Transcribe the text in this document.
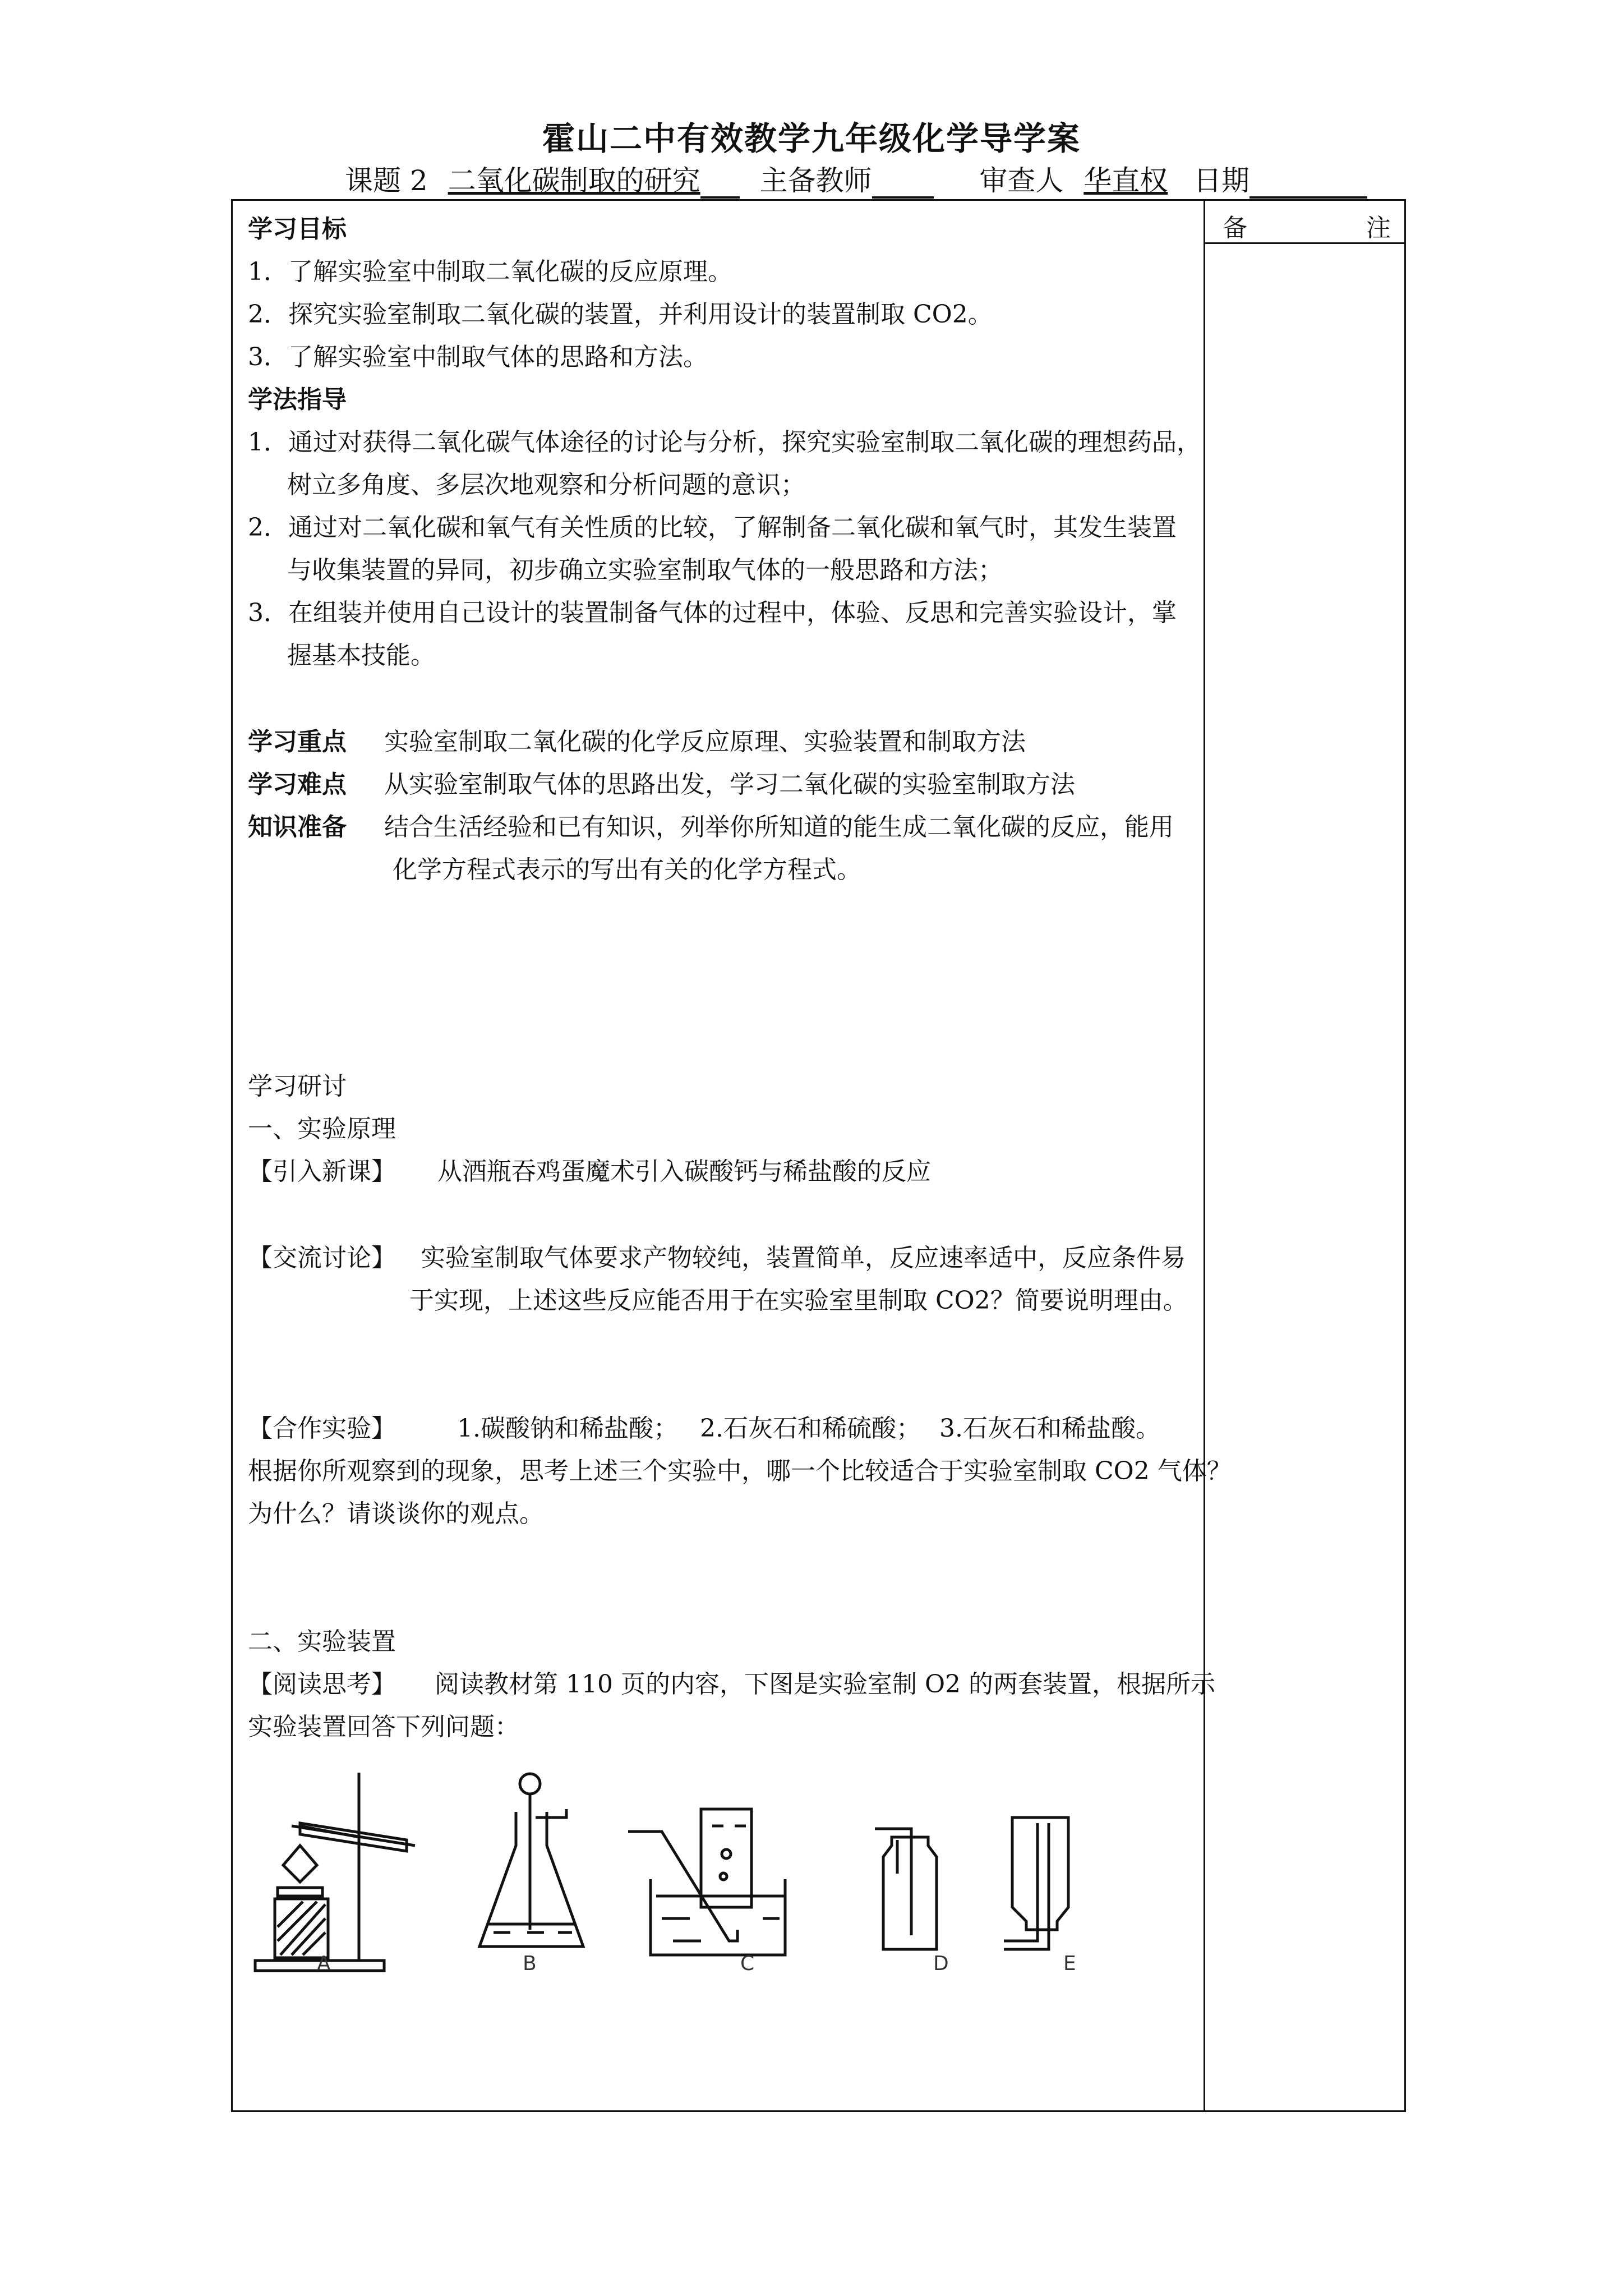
霍山二中有效教学九年级化学导学案
课题 2 二氧化碳制取的研究 主备教师	审查人 华直权 日期
备	注
学习目标
1．了解实验室中制取二氧化碳的反应原理。
2．探究实验室制取二氧化碳的装置，并利用设计的装置制取 CO2。
3．了解实验室中制取气体的思路和方法。
学法指导
1．通过对获得二氧化碳气体途径的讨论与分析，探究实验室制取二氧化碳的理想药品，
树立多角度、多层次地观察和分析问题的意识；
2．通过对二氧化碳和氧气有关性质的比较，了解制备二氧化碳和氧气时，其发生装置
与收集装置的异同，初步确立实验室制取气体的一般思路和方法；
3．在组装并使用自己设计的装置制备气体的过程中，体验、反思和完善实验设计，掌
握基本技能。
学习重点 实验室制取二氧化碳的化学反应原理、实验装置和制取方法
学习难点 从实验室制取气体的思路出发，学习二氧化碳的实验室制取方法
知识准备 结合生活经验和已有知识，列举你所知道的能生成二氧化碳的反应，能用
化学方程式表示的写出有关的化学方程式。
学习研讨
一、实验原理
【引入新课】 从酒瓶吞鸡蛋魔术引入碳酸钙与稀盐酸的反应
【交流讨论】 实验室制取气体要求产物较纯，装置简单，反应速率适中，反应条件易
于实现，上述这些反应能否用于在实验室里制取 CO2？简要说明理由。
【合作实验】 1.碳酸钠和稀盐酸； 2.石灰石和稀硫酸； 3.石灰石和稀盐酸。
根据你所观察到的现象，思考上述三个实验中，哪一个比较适合于实验室制取 CO2 气体？
为什么？请谈谈你的观点。
二、实验装置
【阅读思考】 阅读教材第 110 页的内容，下图是实验室制 O2 的两套装置，根据所示
实验装置回答下列问题：
A	B	C	D	E
